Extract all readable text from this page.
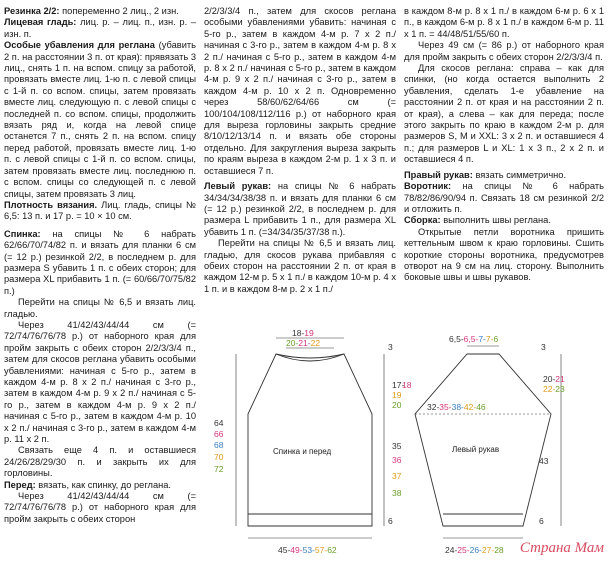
Резинка 2/2: попеременно 2 лиц., 2 изн.

Лицевая гладь: лиц. р. – лиц. п., изн. р. – изн. п.

Особые убавления для реглана (убавить 2 п. на расстоянии 3 п. от края): прявязать 3 лиц., снять 1 п. на вспом. спицу за работой, провязать вместе лиц. 1-ю п. с левой спицы с 1-й п. со вспом. спицы, затем провязать вместе лиц. следующую п. с левой спицы с последней п. со вспом. спицы, продолжить вязать ряд и, когда на левой спице останется 7 п., снять 2 п. на вспом. спицу перед работой, провязать вместе лиц. 1-ю п. с левой спицы с 1-й п. со вспом. спицы, затем провязать вместе лиц. последнюю п. с вспом. спицы со следующей п. с левой спицы, затем провязать 3 лиц.

Плотность вязания. Лиц. гладь, спицы № 6,5: 13 п. и 17 р. = 10 × 10 см.

Спинка: на спицы № 6 набрать 62/66/70/74/82 п. и вязать для планки 6 см (= 12 р.) резинкой 2/2, в последнем р. для размера S убавить 1 п. с обеих сторон; для размера XL прибавить 1 п. (= 60/66/70/75/82 п.)

Перейти на спицы № 6,5 и вязать лиц. гладью.

Через 41/42/43/44/44 см (= 72/74/76/76/78 р.) от наборного края для пройм закрыть с обеих сторон 2/2/3/3/4 п., затем для скосов реглана убавить особыми убавлениями: начиная с 5-го р., затем в каждом 4-м р. 8 х 2 п./ начиная с 3-го р., затем в каждом 4-м р. 9 х 2 п./ начиная с 5-го р., затем в каждом 4-м р. 9 х 2 п./ начиная с 5-го р., затем в каждом 4-м р. 10 х 2 п./ начиная с 3-го р., затем в каждом 4-м р. 11 х 2 п.

Связать еще 4 п. и оставшиеся 24/26/28/29/30 п. и закрыть их для горловины.

Перед: вязать, как спинку, до реглана.

Через 41/42/43/44/44 см (= 72/74/76/76/78 р.) от наборного края для пройм закрыть с обеих сторон

2/2/3/3/4 п., затем для скосов реглана особыми убавлениями убавить: начиная с 5-го р., затем в каждом 4-м р. 7 х 2 п./ начиная с 3-го р., затем в каждом 4-м р. 8 х 2 п./ начиная с 5-го р., затем в каждом 4-м р. 8 х 2 п./ начиная с 5-го р., затем в каждом 4-м р. 9 х 2 п./ начиная с 3-го р., затем в каждом 4-м р. 10 х 2 п. Одновременно через 58/60/62/64/66 см (= 100/104/108/112/116 р.) от наборного края для выреза горловины закрыть средние 8/10/12/13/14 п. и вязать обе стороны отдельно. Для закругления выреза закрыть по краям выреза в каждом 2-м р. 1 х 3 п. и оставшиеся 7 п.

Левый рукав: на спицы № 6 набрать 34/34/34/38/38 п. и вязать для планки 6 см (= 12 р.) резинкой 2/2, в последнем р. для размера L прибавить 1 п., для размера XL убавить 1 п. (=34/34/35/37/38 п.).

Перейти на спицы № 6,5 и вязать лиц. гладью, для скосов рукава прибавляя с обеих сторон на расстоянии 2 п. от края в каждом 12-м р. 5 х 1 п./ в каждом 10-м р. 4 х 1 п. и в каждом 8-м р. 2 х 1 п./

в каждом 8-м р. 8 х 1 п./ в каждом 6-м р. 6 х 1 п., в каждом 6-м р. 8 х 1 п./ в каждом 6-м р. 11 х 1 п. = 44/48/51/55/60 п.

Через 49 см (= 86 р.) от наборного края для пройм закрыть с обеих сторон 2/2/3/3/4 п.

Для скосов реглана: справа – как для спинки, (но когда остается выполнить 2 убавления, сделать 1-е убавление на расстоянии 2 п. от края и на расстоянии 2 п. от края), а слева – как для переда; после этого закрыть по краю в каждом 2-м р. для размеров S, M и XXL: 3 х 2 п. и оставшиеся 4 п.; для размеров L и XL: 1 х 3 п., 2 х 2 п. и оставшиеся 4 п.

Правый рукав: вязать симметрично.

Воротник: на спицы № 6 набрать 78/82/86/90/94 п. Связать 18 см резинкой 2/2 и отложить п.

Сборка: выполнить швы реглана.

Открытые петли воротника пришить кеттельным швом к краю горловины. Сшить короткие стороны воротника, предусмотрев отворот на 9 см на лиц. сторону. Выполнить боковые швы и швы рукавов.

18-19
20-21-22	3
17-
18
19
20
Спинка и перед
35
36
37
38
64
66
68
70
72
6
45-49-53-57-62
6,5-6,5-7-7-6
3
20-21
22-23
32-35-38-42-46
Левый рукав
43
6
24-25-26-27-28 Страна Мам
